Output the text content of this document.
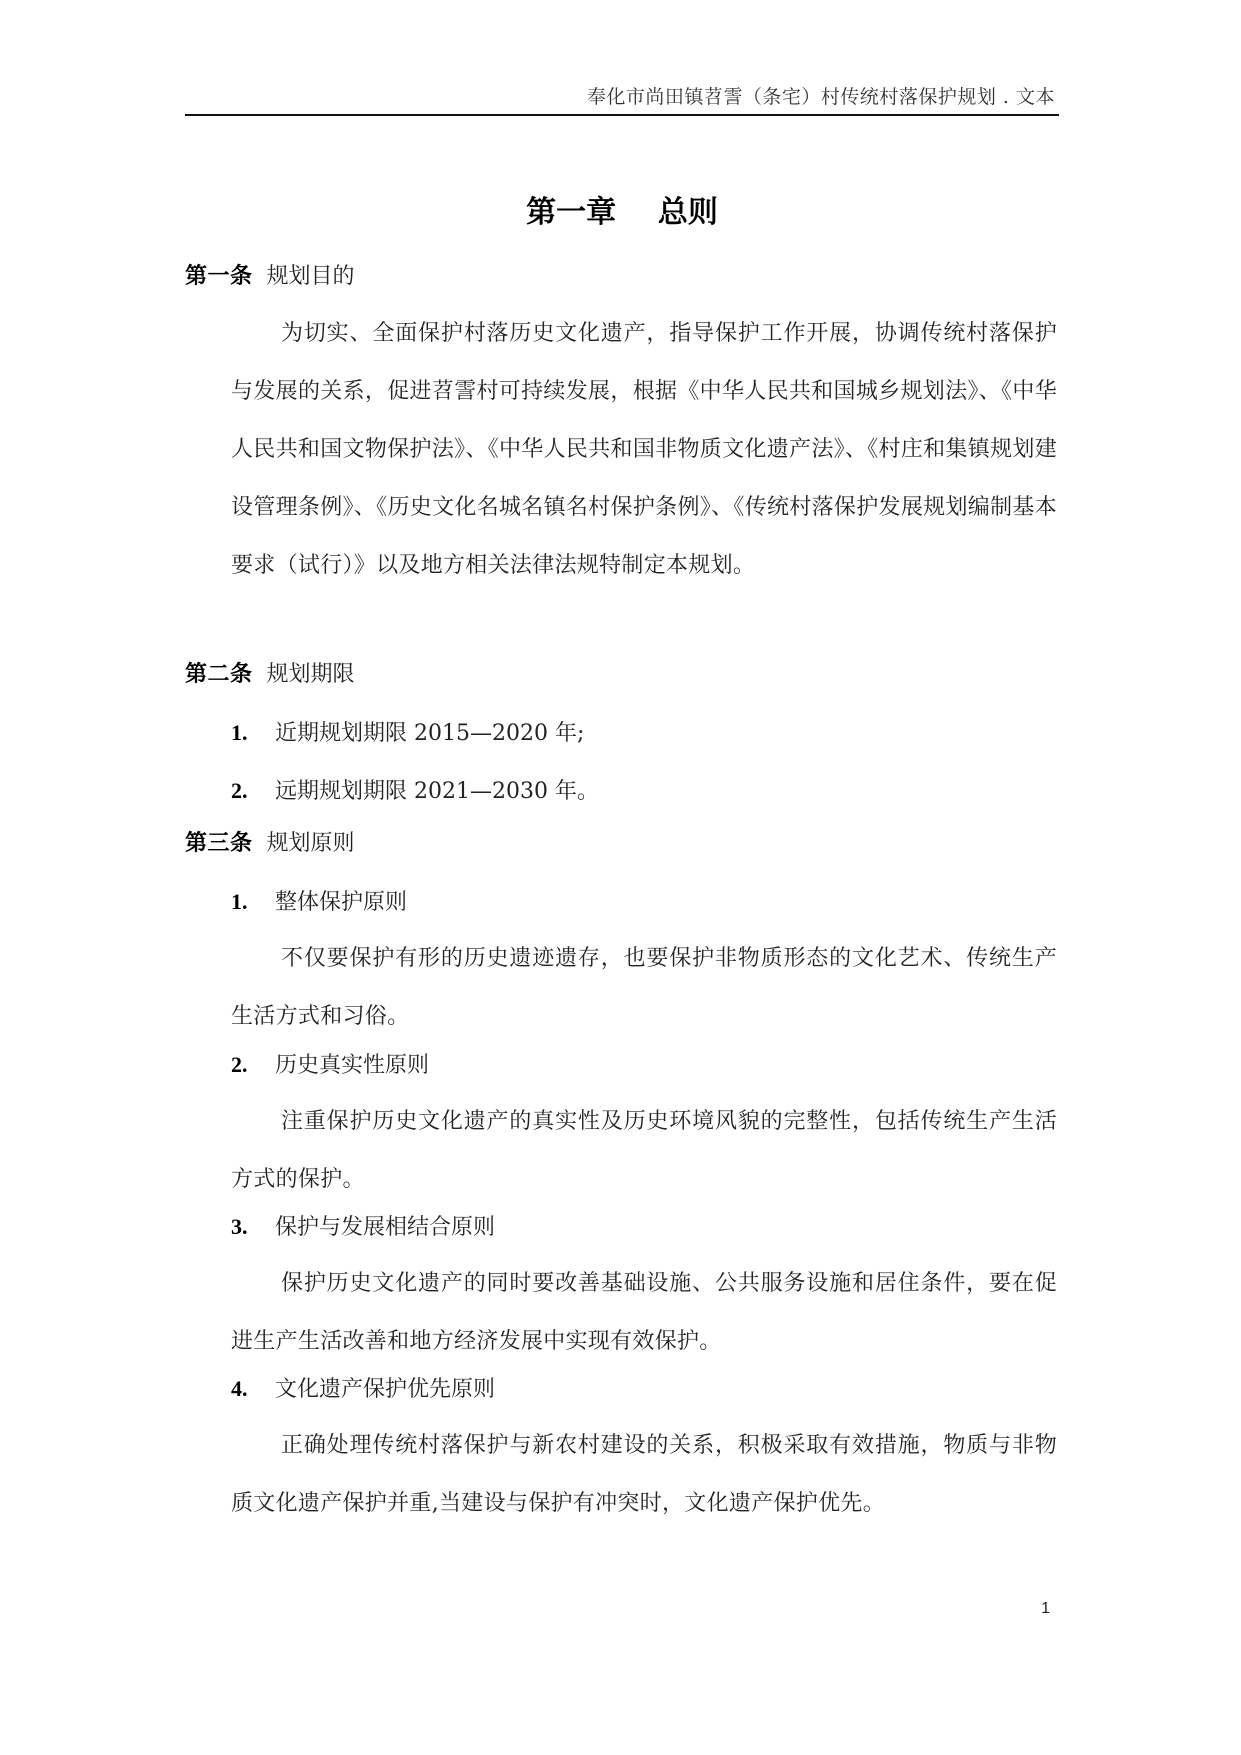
奉化市尚田镇苕霅（条宅）村传统村落保护规划 . 文本
第一章    总则
第一条 规划目的
为切实、全面保护村落历史文化遗产，指导保护工作开展，协调传统村落保护与发展的关系，促进苕霅村可持续发展，根据《中华人民共和国城乡规划法》、《中华人民共和国文物保护法》、《中华人民共和国非物质文化遗产法》、《村庄和集镇规划建设管理条例》、《历史文化名城名镇名村保护条例》、《传统村落保护发展规划编制基本要求（试行）》以及地方相关法律法规特制定本规划。
第二条 规划期限
1. 近期规划期限 2015—2020 年;
2. 远期规划期限 2021—2030 年。
第三条 规划原则
1. 整体保护原则
不仅要保护有形的历史遗迹遗存，也要保护非物质形态的文化艺术、传统生产生活方式和习俗。
2. 历史真实性原则
注重保护历史文化遗产的真实性及历史环境风貌的完整性，包括传统生产生活方式的保护。
3. 保护与发展相结合原则
保护历史文化遗产的同时要改善基础设施、公共服务设施和居住条件，要在促进生产生活改善和地方经济发展中实现有效保护。
4. 文化遗产保护优先原则
正确处理传统村落保护与新农村建设的关系，积极采取有效措施，物质与非物质文化遗产保护并重,当建设与保护有冲突时，文化遗产保护优先。
1
